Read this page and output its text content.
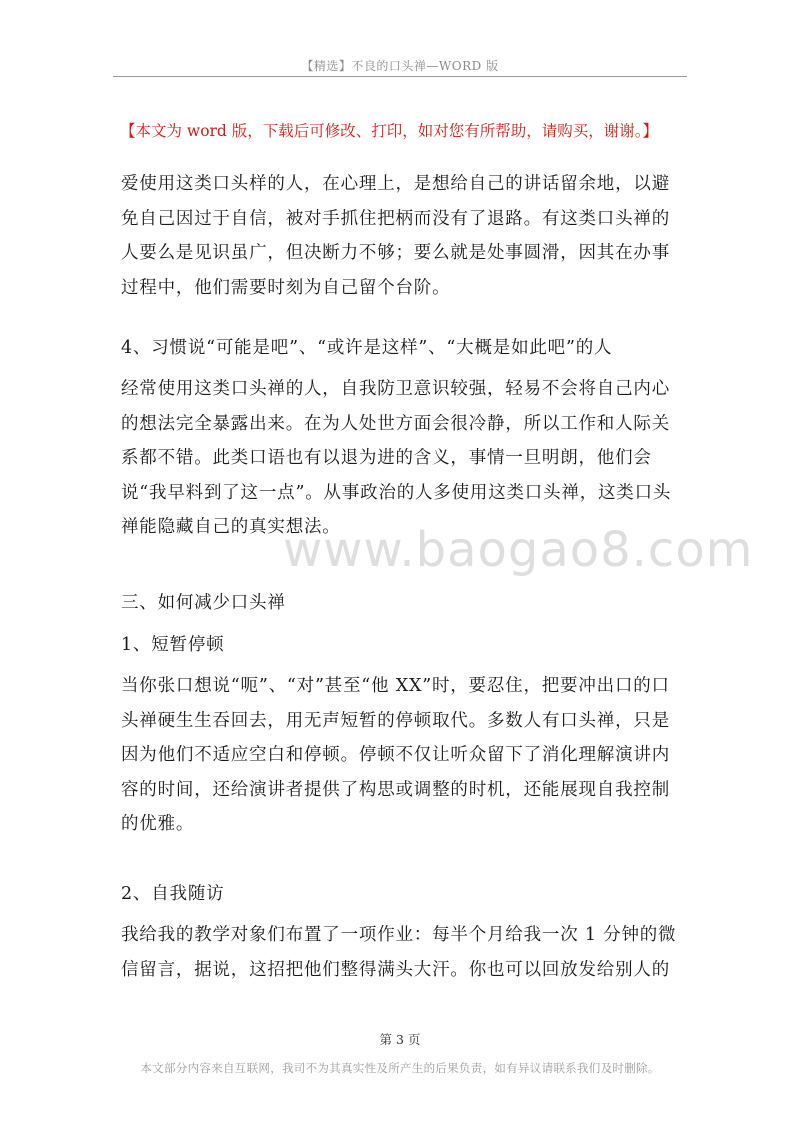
【精选】不良的口头禅—WORD 版
【本文为 word 版，下载后可修改、打印，如对您有所帮助，请购买，谢谢。】

爱使用这类口头样的人，在心理上，是想给自己的讲话留余地，以避免自己因过于自信，被对手抓住把柄而没有了退路。有这类口头禅的人要么是见识虽广，但决断力不够；要么就是处事圆滑，因其在办事过程中，他们需要时刻为自己留个台阶。

4、习惯说“可能是吧”、“或许是这样”、“大概是如此吧”的人

经常使用这类口头禅的人，自我防卫意识较强，轻易不会将自己内心的想法完全暴露出来。在为人处世方面会很冷静，所以工作和人际关系都不错。此类口语也有以退为进的含义，事情一旦明朗，他们会说“我早料到了这一点”。从事政治的人多使用这类口头禅，这类口头禅能隐藏自己的真实想法。

三、如何减少口头禅

1、短暂停顿

当你张口想说“呃”、“对”甚至“他 XX”时，要忍住，把要冲出口的口头禅硬生生吞回去，用无声短暂的停顿取代。多数人有口头禅，只是因为他们不适应空白和停顿。停顿不仅让听众留下了消化理解演讲内容的时间，还给演讲者提供了构思或调整的时机，还能展现自我控制的优雅。

2、自我随访

我给我的教学对象们布置了一项作业：每半个月给我一次 1 分钟的微信留言，据说，这招把他们整得满头大汗。你也可以回放发给别人的

www.baogao8.com
第 3 页
本文部分内容来自互联网，我司不为其真实性及所产生的后果负责，如有异议请联系我们及时删除。
